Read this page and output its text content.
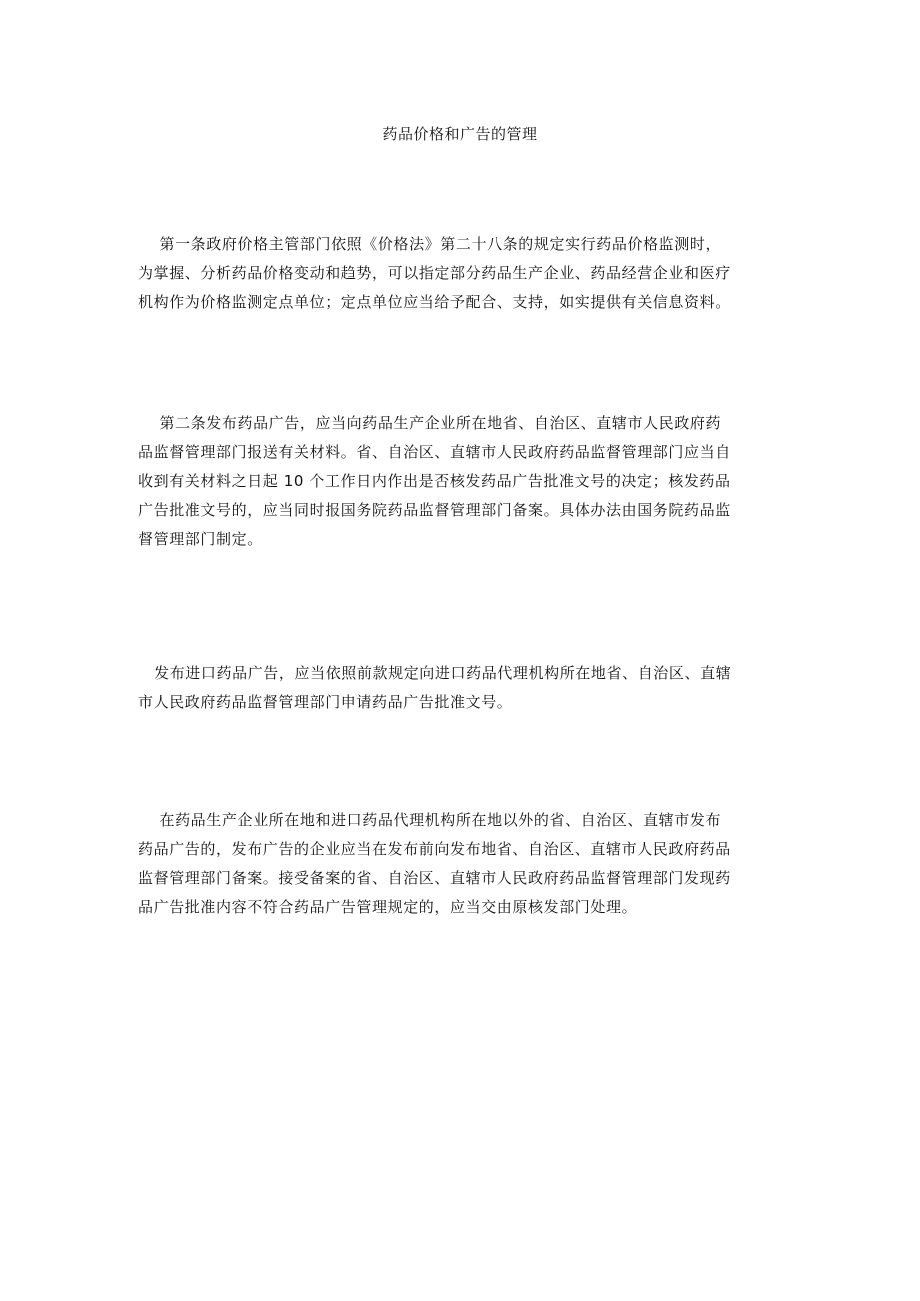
药品价格和广告的管理

第一条政府价格主管部门依照《价格法》第二十八条的规定实行药品价格监测时，
为掌握、分析药品价格变动和趋势，可以指定部分药品生产企业、药品经营企业和医疗
机构作为价格监测定点单位；定点单位应当给予配合、支持，如实提供有关信息资料。

第二条发布药品广告，应当向药品生产企业所在地省、自治区、直辖市人民政府药
品监督管理部门报送有关材料。省、自治区、直辖市人民政府药品监督管理部门应当自
收到有关材料之日起 10 个工作日内作出是否核发药品广告批准文号的决定；核发药品
广告批准文号的，应当同时报国务院药品监督管理部门备案。具体办法由国务院药品监
督管理部门制定。

发布进口药品广告，应当依照前款规定向进口药品代理机构所在地省、自治区、直辖
市人民政府药品监督管理部门申请药品广告批准文号。

在药品生产企业所在地和进口药品代理机构所在地以外的省、自治区、直辖市发布
药品广告的，发布广告的企业应当在发布前向发布地省、自治区、直辖市人民政府药品
监督管理部门备案。接受备案的省、自治区、直辖市人民政府药品监督管理部门发现药
品广告批准内容不符合药品广告管理规定的，应当交由原核发部门处理。
